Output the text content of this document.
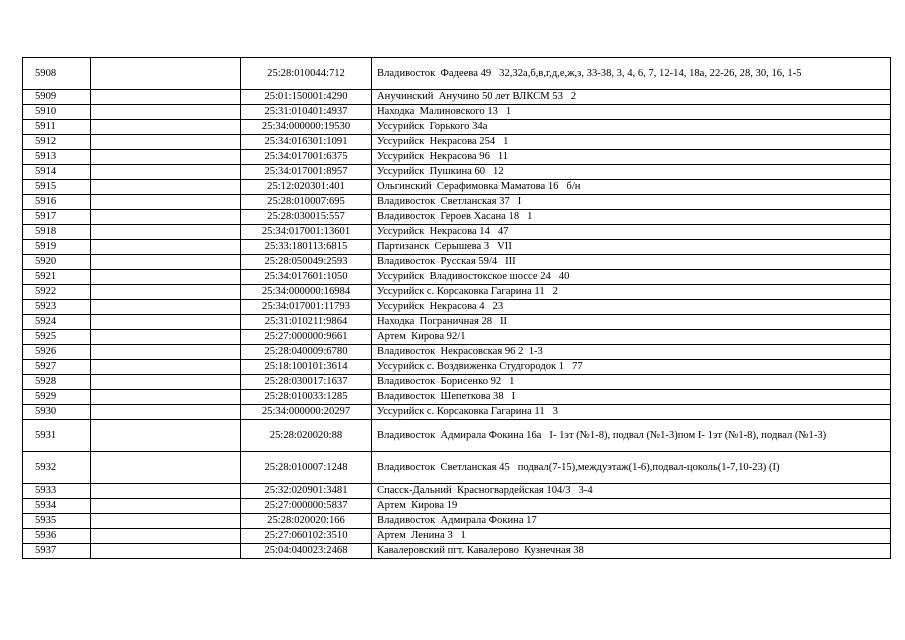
5908		25:28:010044:712	Владивосток  Фадеева 49   32,32а,б,в,г,д,е,ж,з, 33-38, 3, 4, 6, 7, 12-14, 18а, 22-26, 28, 30, 16, 1-5
5909		25:01:150001:4290	Анучинский  Анучино 50 лет ВЛКСМ 53   2
5910		25:31:010401:4937	Находка  Малиновского 13   1
5911		25:34:000000:19530	Уссурийск  Горького 34а
5912		25:34:016301:1091	Уссурийск  Некрасова 254   1
5913		25:34:017001:6375	Уссурийск  Некрасова 96   11
5914		25:34:017001:8957	Уссурийск  Пушкина 60   12
5915		25:12:020301:401	Ольгинский  Серафимовка Маматова 16   б/н
5916		25:28:010007:695	Владивосток  Светланская 37   I
5917		25:28:030015:557	Владивосток  Героев Хасана 18   1
5918		25:34:017001:13601	Уссурийск  Некрасова 14   47
5919		25:33:180113:6815	Партизанск  Серышева 3   VII
5920		25:28:050049:2593	Владивосток  Русская 59/4   III
5921		25:34:017601:1050	Уссурийск  Владивостокское шоссе 24   40
5922		25:34:000000:16984	Уссурийск с. Корсаковка Гагарина 11   2
5923		25:34:017001:11793	Уссурийск  Некрасова 4   23
5924		25:31:010211:9864	Находка  Пограничная 28   II
5925		25:27:000000:9661	Артем  Кирова 92/1
5926		25:28:040009:6780	Владивосток  Некрасовская 96 2  1-3
5927		25:18:100101:3614	Уссурийск с. Воздвиженка Студгородок 1   77
5928		25:28:030017:1637	Владивосток  Борисенко 92   1
5929		25:28:010033:1285	Владивосток  Шепеткова 38   I
5930		25:34:000000:20297	Уссурийск с. Корсаковка Гагарина 11   3
5931		25:28:020020:88	Владивосток  Адмирала Фокина 16а   I- 1эт (№1-8), подвал (№1-3)пом I- 1эт (№1-8), подвал (№1-3)
5932		25:28:010007:1248	Владивосток  Светланская 45   подвал(7-15),междуэтаж(1-6),подвал-цоколь(1-7,10-23) (I)
5933		25:32:020901:3481	Спасск-Дальний  Красногвардейская 104/3   3-4
5934		25:27:000000:5837	Артем  Кирова 19
5935		25:28:020020:166	Владивосток  Адмирала Фокина 17
5936		25:27:060102:3510	Артем  Ленина 3   1
5937		25:04:040023:2468	Кавалеровский пгт. Кавалерово  Кузнечная 38
